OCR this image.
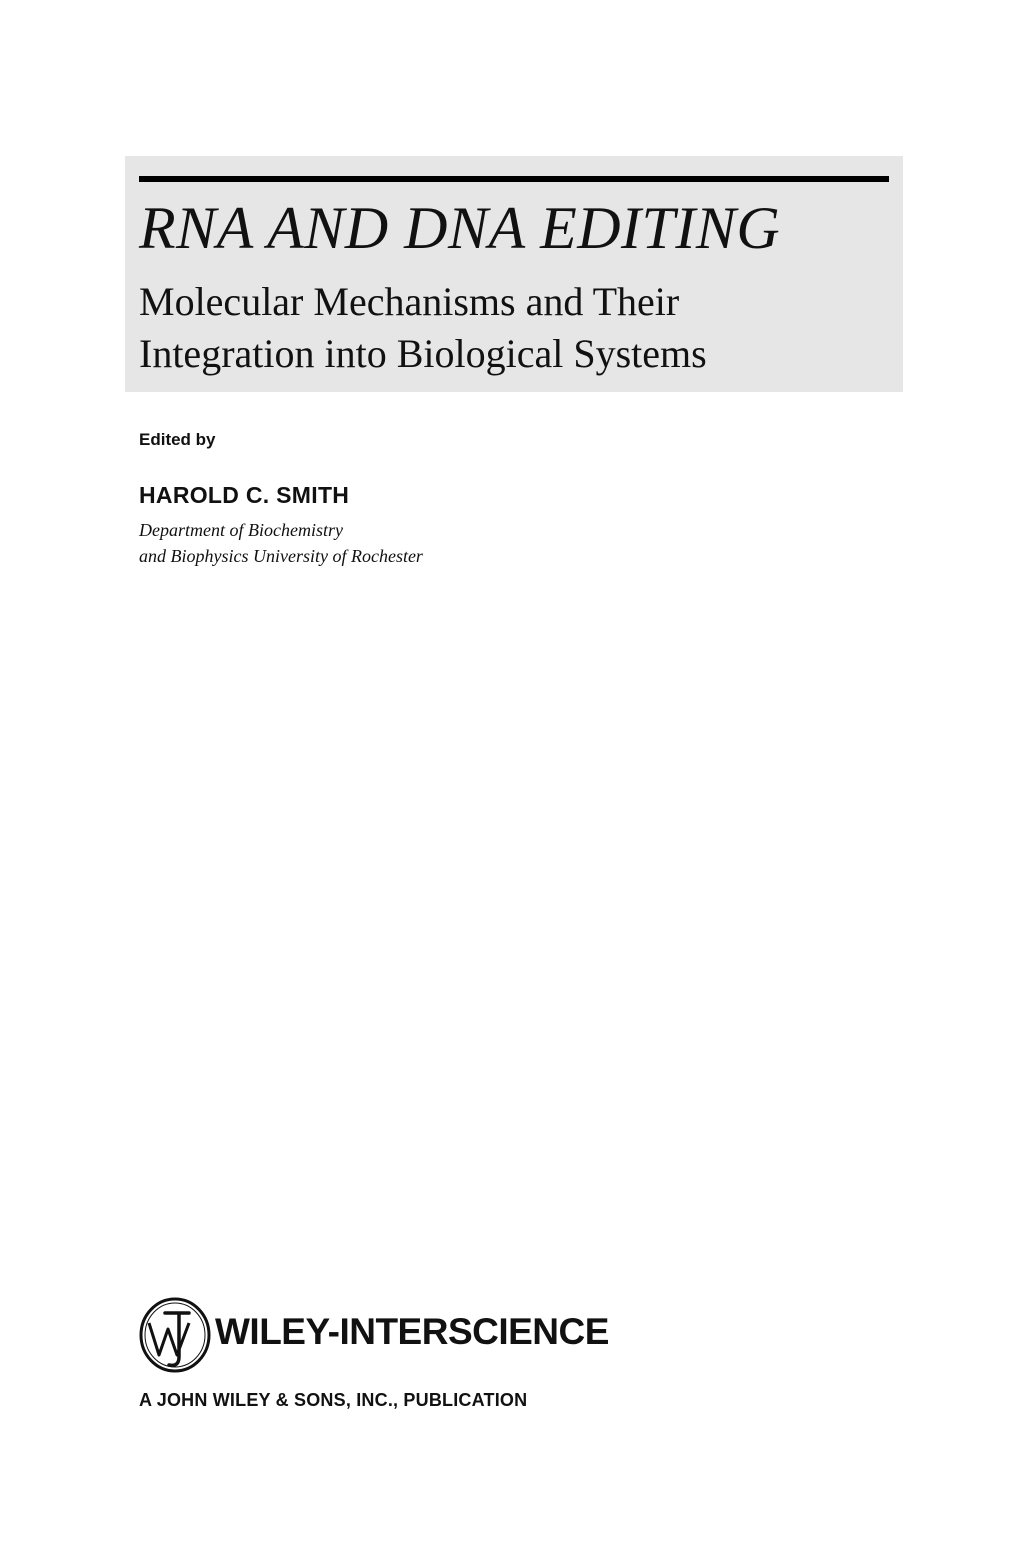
RNA AND DNA EDITING
Molecular Mechanisms and Their
Integration into Biological Systems
Edited by
HAROLD C. SMITH
Department of Biochemistry
and Biophysics University of Rochester
WILEY-INTERSCIENCE
A JOHN WILEY & SONS, INC., PUBLICATION
